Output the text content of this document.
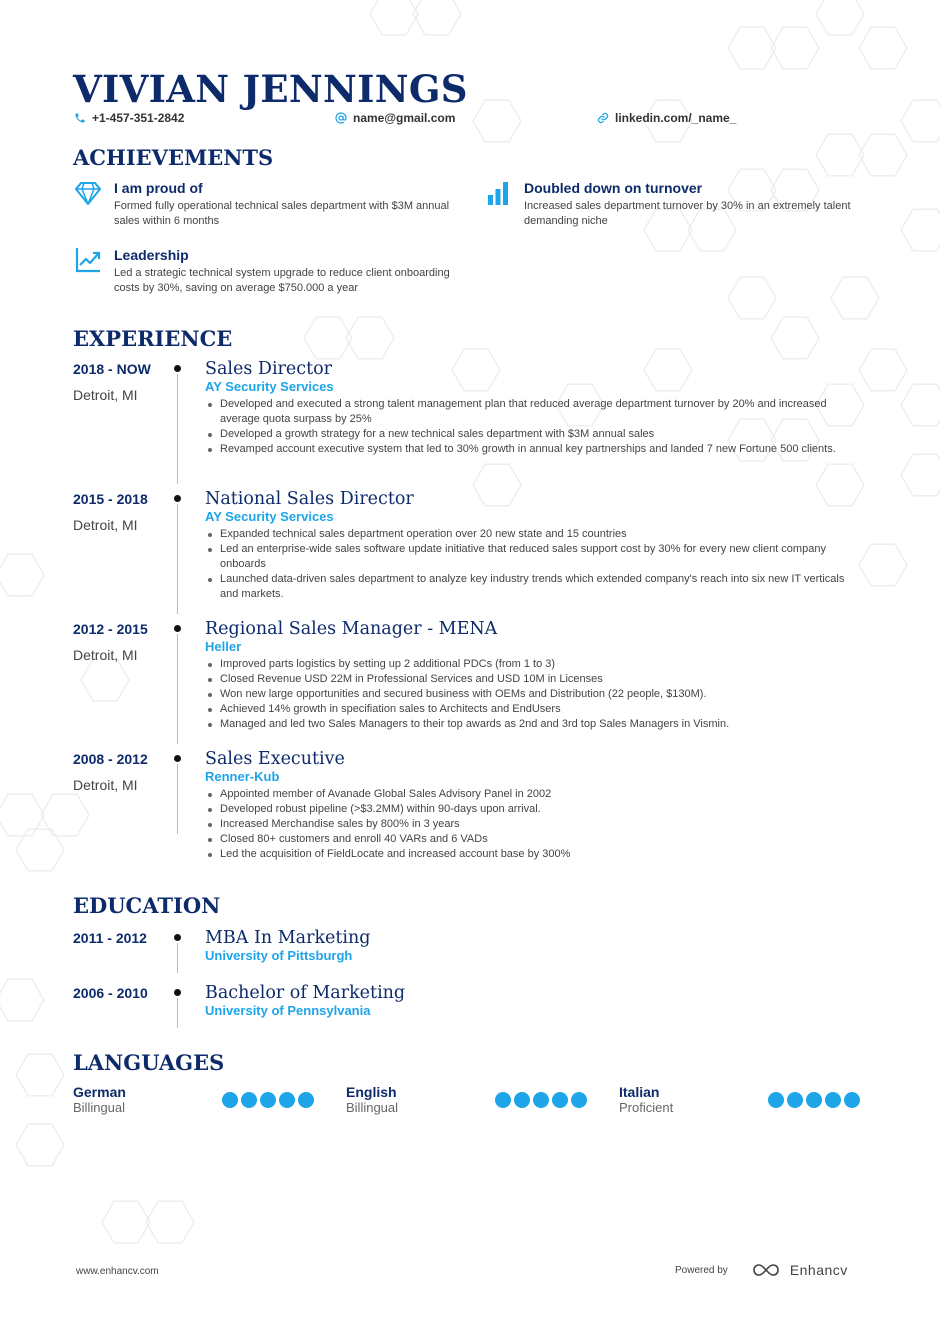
VIVIAN JENNINGS
+1-457-351-2842	name@gmail.com	linkedin.com/_name_
ACHIEVEMENTS
I am proud of
Formed fully operational technical sales department with $3M annual sales within 6 months
Doubled down on turnover
Increased sales department turnover by 30% in an extremely talent demanding niche
Leadership
Led a strategic technical system upgrade to reduce client onboarding costs by 30%, saving on average $750.000 a year
EXPERIENCE
2018 - NOW
Detroit, MI
Sales Director
AY Security Services
Developed and executed a strong talent management plan that reduced average department turnover by 20% and increased average quota surpass by 25%
Developed a growth strategy for a new technical sales department with $3M annual sales
Revamped account executive system that led to 30% growth in annual key partnerships and landed 7 new Fortune 500 clients.
2015 - 2018
Detroit, MI
National Sales Director
AY Security Services
Expanded technical sales department operation over 20 new state and 15 countries
Led an enterprise-wide sales software update initiative that reduced sales support cost by 30% for every new client company onboards
Launched data-driven sales department to analyze key industry trends which extended company's reach into six new IT verticals and markets.
2012 - 2015
Detroit, MI
Regional Sales Manager - MENA
Heller
Improved parts logistics by setting up 2 additional PDCs (from 1 to 3)
Closed Revenue USD 22M in Professional Services and USD 10M in Licenses
Won new large opportunities and secured business with OEMs and Distribution (22 people, $130M).
Achieved 14% growth in specifiation sales to Architects and EndUsers
Managed and led two Sales Managers to their top awards as 2nd and 3rd top Sales Managers in Vismin.
2008 - 2012
Detroit, MI
Sales Executive
Renner-Kub
Appointed member of Avanade Global Sales Advisory Panel in 2002
Developed robust pipeline (>$3.2MM) within 90-days upon arrival.
Increased Merchandise sales by 800% in 3 years
Closed 80+ customers and enroll 40 VARs and 6 VADs
Led the acquisition of FieldLocate and increased account base by 300%
EDUCATION
2011 - 2012	MBA In Marketing
University of Pittsburgh
2006 - 2010	Bachelor of Marketing
University of Pennsylvania
LANGUAGES
German
Billingual
English
Billingual
Italian
Proficient
www.enhancv.com	Powered by	Enhancv
